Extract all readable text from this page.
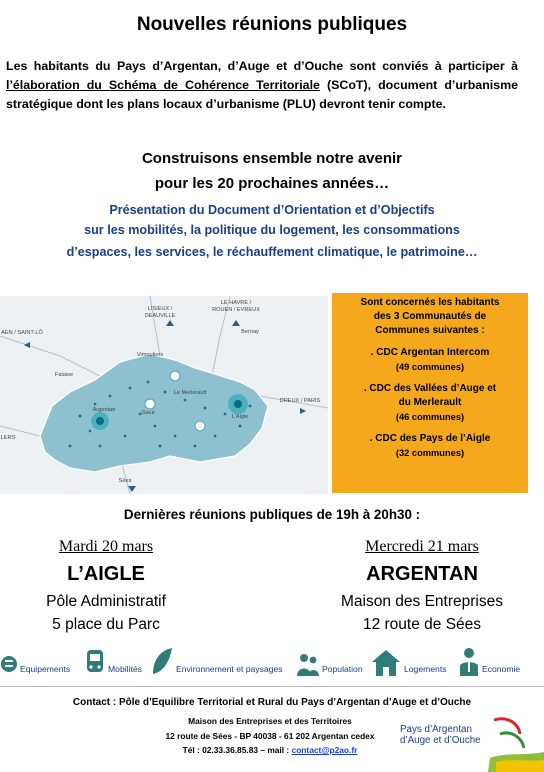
Nouvelles réunions publiques
Les habitants du Pays d’Argentan, d’Auge et d’Ouche sont conviés à participer à l’élaboration du Schéma de Cohérence Territoriale (SCoT), document d’urbanisme stratégique dont les plans locaux d’urbanisme (PLU) devront tenir compte.
Construisons ensemble notre avenir
pour les 20 prochaines années…
Présentation du Document d’Orientation et d’Objectifs
sur les mobilités, la politique du logement, les consommations
d’espaces, les services, le réchauffement climatique, le patrimoine…
LISIEUX /
DEAUVILLE
LE HAVRE /
ROUEN / EVREUX
Bernay
AEN / SAINT-LÔ
Falaise
DREUX / PARIS
Sées
LERS
Vimoutiers
Gacé
L'Aigle
Argentan
Le Merlerault
Sont concernés les habitants
des 3 Communautés de
Communes suivantes :
. CDC Argentan Intercom
(49 communes)
. CDC des Vallées d’Auge et
du Merlerault
(46 communes)
. CDC des Pays de l’Aigle
(32 communes)
Dernières réunions publiques de 19h à 20h30 :
Mardi 20 mars
L’AIGLE
Pôle Administratif
5 place du Parc
Mercredi 21 mars
ARGENTAN
Maison des Entreprises
12 route de Sées
Equipements	Mobilités	Environnement et paysages	Population	Logements	Economie
Contact : Pôle d’Equilibre Territorial et Rural du Pays d’Argentan d’Auge et d’Ouche
Maison des Entreprises et des Territoires
12 route de Sées - BP 40038 - 61 202 Argentan cedex
Tél : 02.33.36.85.83 – mail : contact@p2ao.fr
Pays d’Argentan
d’Auge et d’Ouche
